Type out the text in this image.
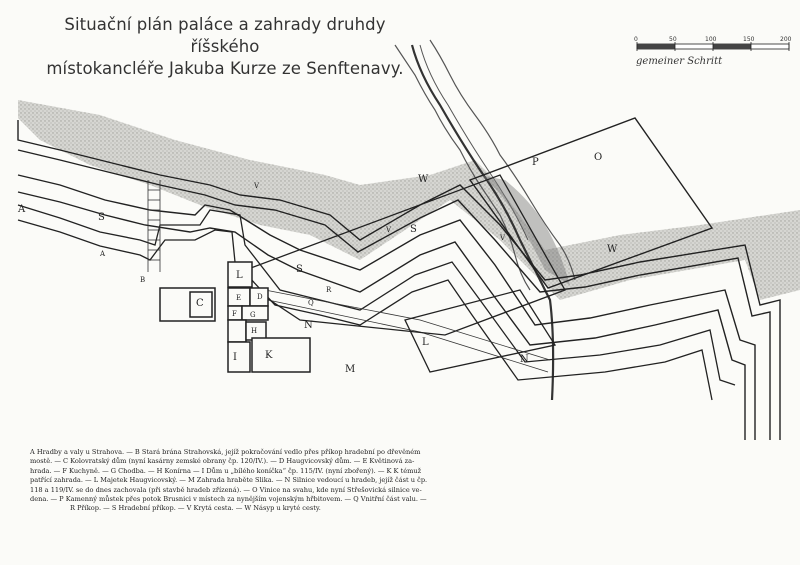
Situační plán paláce a zahrady druhdy říšského
místokancléře Jakuba Kurze ze Senftenavy.
A
B
C
D
E
F G
H
I	K
L
L
M
N
N
O
P
Q
R
S
S
S
V
V
V
W
W
A
0	50	100	150	200
gemeiner Schritt

A Hradby a valy u Strahova. — B Stará brána Strahovská, jejíž pokračování vedlo přes příkop hradební po dřevěném

mostě. — C Kolovratský dům (nyní kasárny zemské obrany čp. 120/IV.). — D Haugvicovský dům. — E Květinová za-

hrada. — F Kuchyně. — G Chodba. — H Konírna — I Dům u „bílého koníčka“ čp. 115/IV. (nyní zbořený). — K K témuž

patřící zahrada. — L Majetek Haugvicovský. — M Zahrada hraběte Slika. — N Silnice vedoucí u hradeb, jejíž část u čp.

118 a 119/IV. se do dnes zachovala (při stavbě hradeb zřízená). — O Vinice na svahu, kde nyní Střešovická silnice ve-

dena. — P Kamenný můstek přes potok Brusnici v místech za nynějším vojenským hřbitovem. — Q Vnitřní část valu. —

R Příkop. — S Hradební příkop. — V Krytá cesta. — W Násyp u kryté cesty.
